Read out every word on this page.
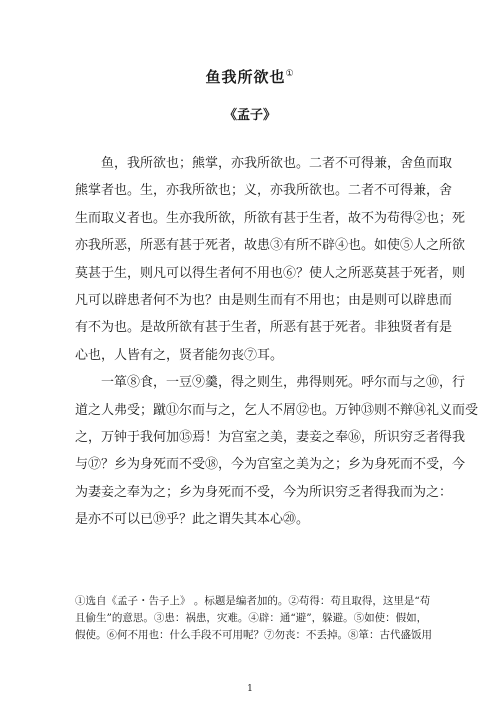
鱼我所欲也①
《孟子》
　　鱼，我所欲也；熊掌，亦我所欲也。二者不可得兼，舍鱼而取
熊掌者也。生，亦我所欲也；义，亦我所欲也。二者不可得兼，舍
生而取义者也。生亦我所欲，所欲有甚于生者，故不为苟得②也；死
亦我所恶，所恶有甚于死者，故患③有所不辟④也。如使⑤人之所欲
莫甚于生，则凡可以得生者何不用也⑥？使人之所恶莫甚于死者，则
凡可以辟患者何不为也？由是则生而有不用也；由是则可以辟患而
有不为也。是故所欲有甚于生者，所恶有甚于死者。非独贤者有是
心也，人皆有之，贤者能勿丧⑦耳。
　　一箪⑧食，一豆⑨羹，得之则生，弗得则死。呼尔而与之⑩，行
道之人弗受；蹴⑪尔而与之，乞人不屑⑫也。万钟⑬则不辩⑭礼义而受
之，万钟于我何加⑮焉！为宫室之美，妻妾之奉⑯，所识穷乏者得我
与⑰？乡为身死而不受⑱，今为宫室之美为之；乡为身死而不受，今
为妻妾之奉为之；乡为身死而不受，今为所识穷乏者得我而为之：
是亦不可以已⑲乎？此之谓失其本心⑳。
①选自《孟子・告子上》 。标题是编者加的。②苟得：苟且取得，这里是“苟
且偷生”的意思。③患：祸患，灾难。④辟：通“避”，躲避。⑤如使：假如，
假使。⑥何不用也：什么手段不可用呢？⑦勿丧：不丢掉。⑧箪：古代盛饭用
1
